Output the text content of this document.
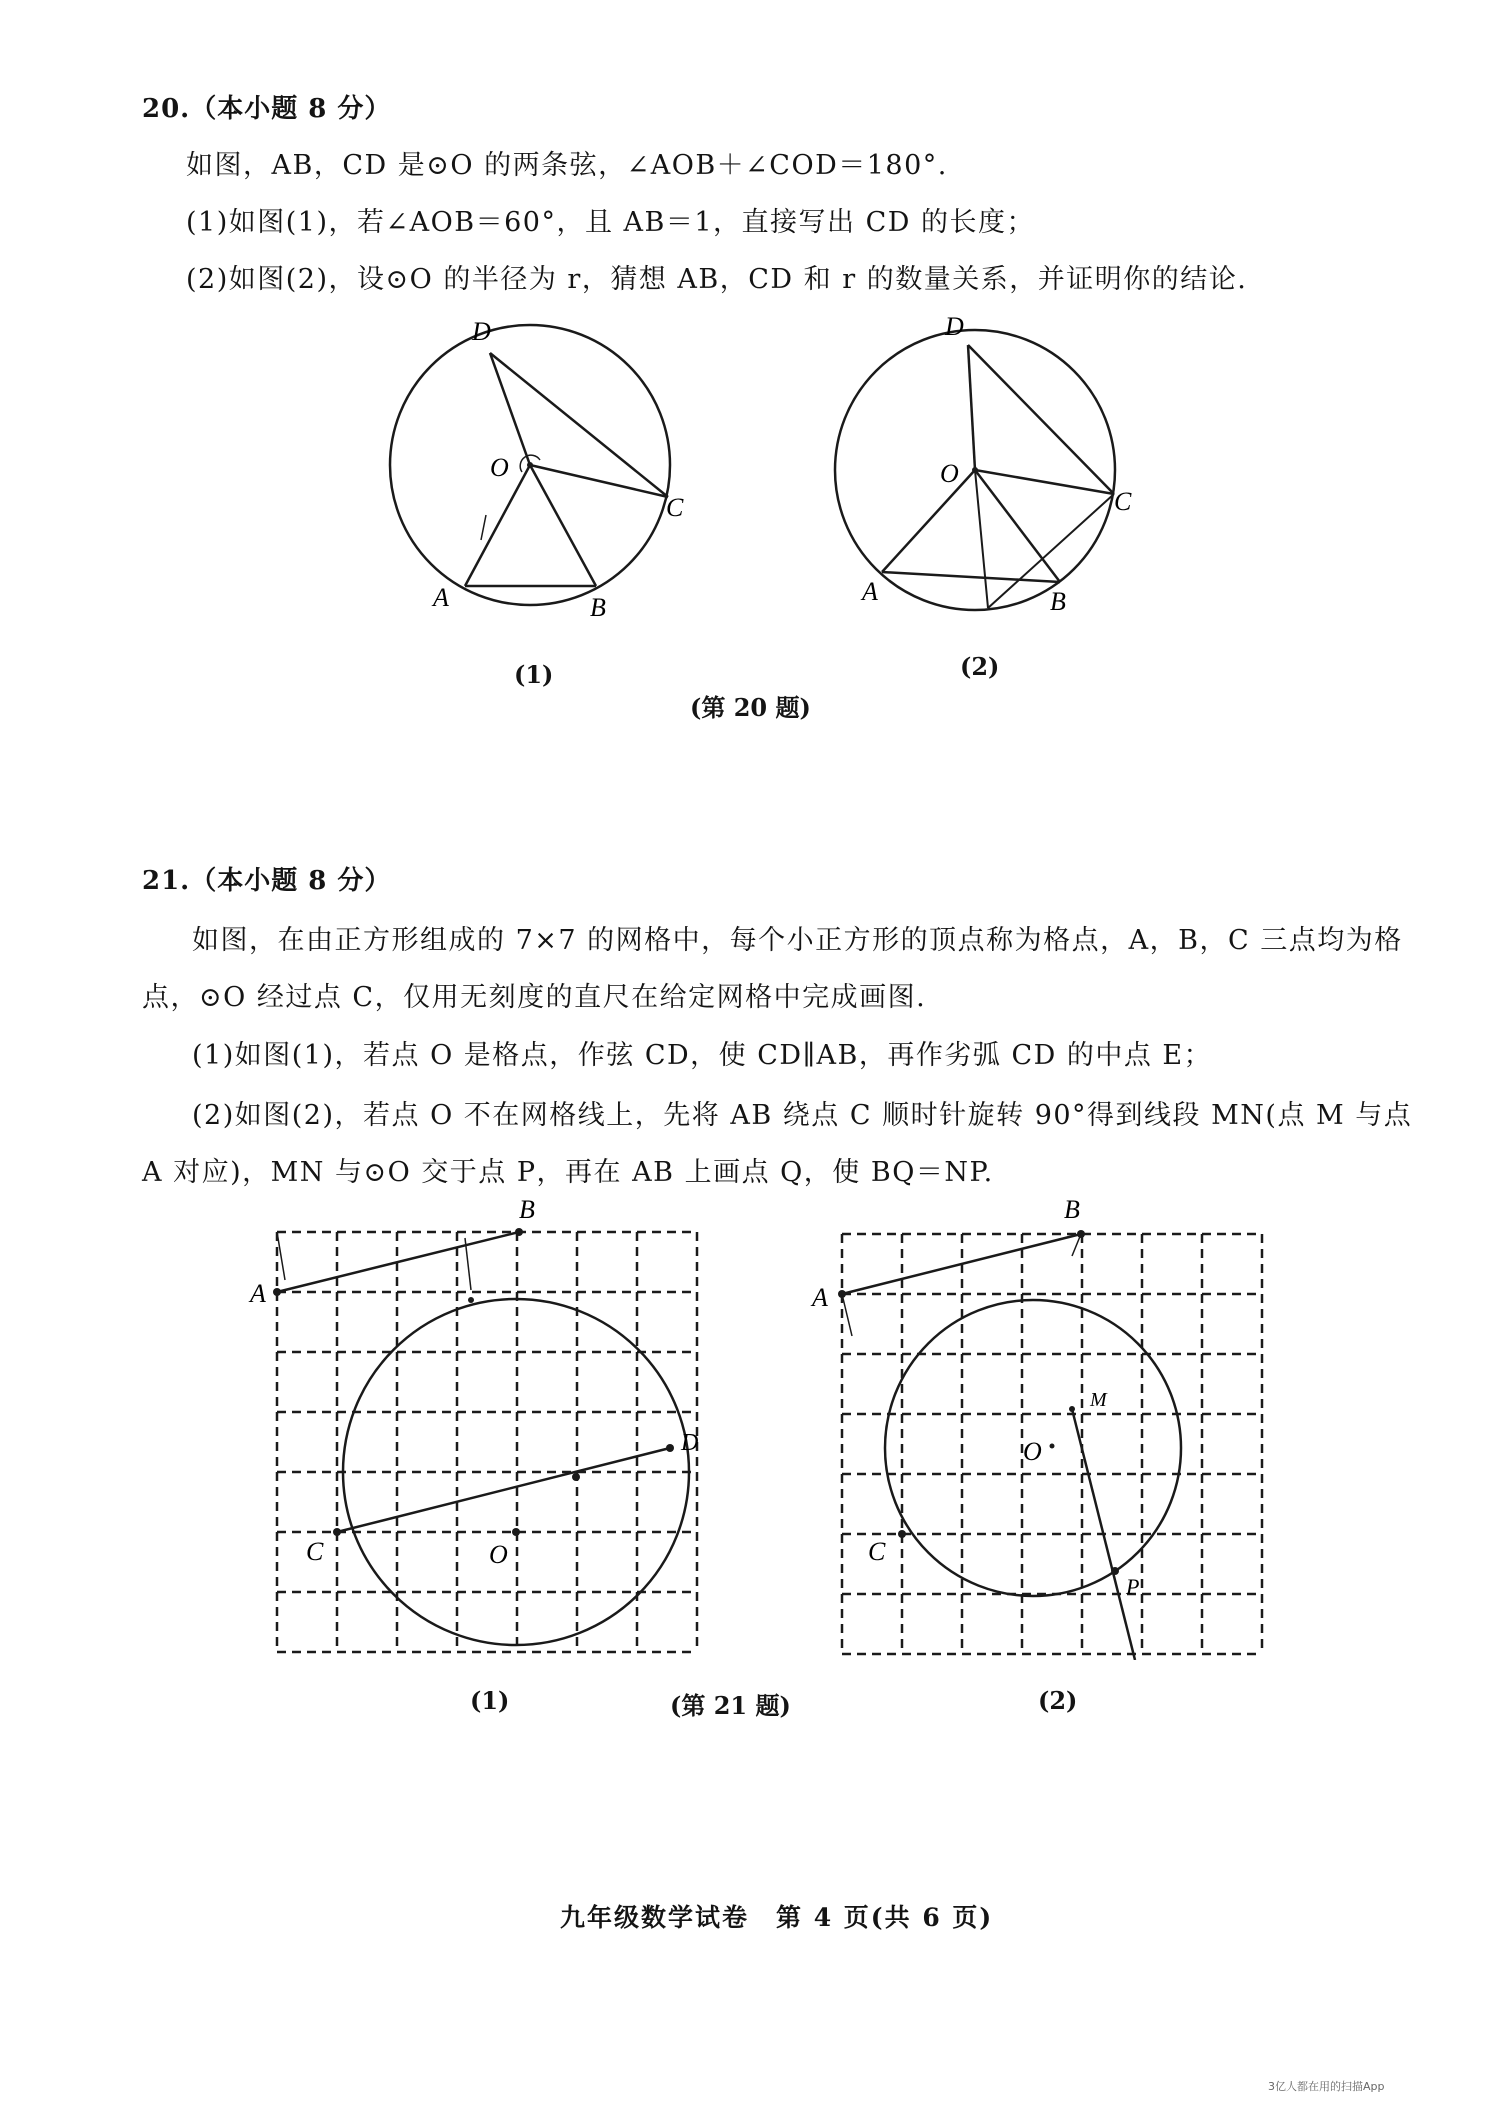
20.（本小题 8 分）
如图，AB，CD 是⊙O 的两条弦，∠AOB＋∠COD＝180°.
(1)如图(1)，若∠AOB＝60°，且 AB＝1，直接写出 CD 的长度；
(2)如图(2)，设⊙O 的半径为 r，猜想 AB，CD 和 r 的数量关系，并证明你的结论.
D
O
C
A	B
(1)
D
O
C
A	B
(2)
(第 20 题)
21.（本小题 8 分）
如图，在由正方形组成的 7×7 的网格中，每个小正方形的顶点称为格点，A，B，C 三点均为格
点，⊙O 经过点 C，仅用无刻度的直尺在给定网格中完成画图.
(1)如图(1)，若点 O 是格点，作弦 CD，使 CD∥AB，再作劣弧 CD 的中点 E；
(2)如图(2)，若点 O 不在网格线上，先将 AB 绕点 C 顺时针旋转 90°得到线段 MN(点 M 与点
A 对应)，MN 与⊙O 交于点 P，再在 AB 上画点 Q，使 BQ＝NP.
B
A
C	O
D
(1)
B
A
C
O
M
P
(2)
(第 21 题)
九年级数学试卷　第 4 页(共 6 页)
3亿人都在用的扫描App
